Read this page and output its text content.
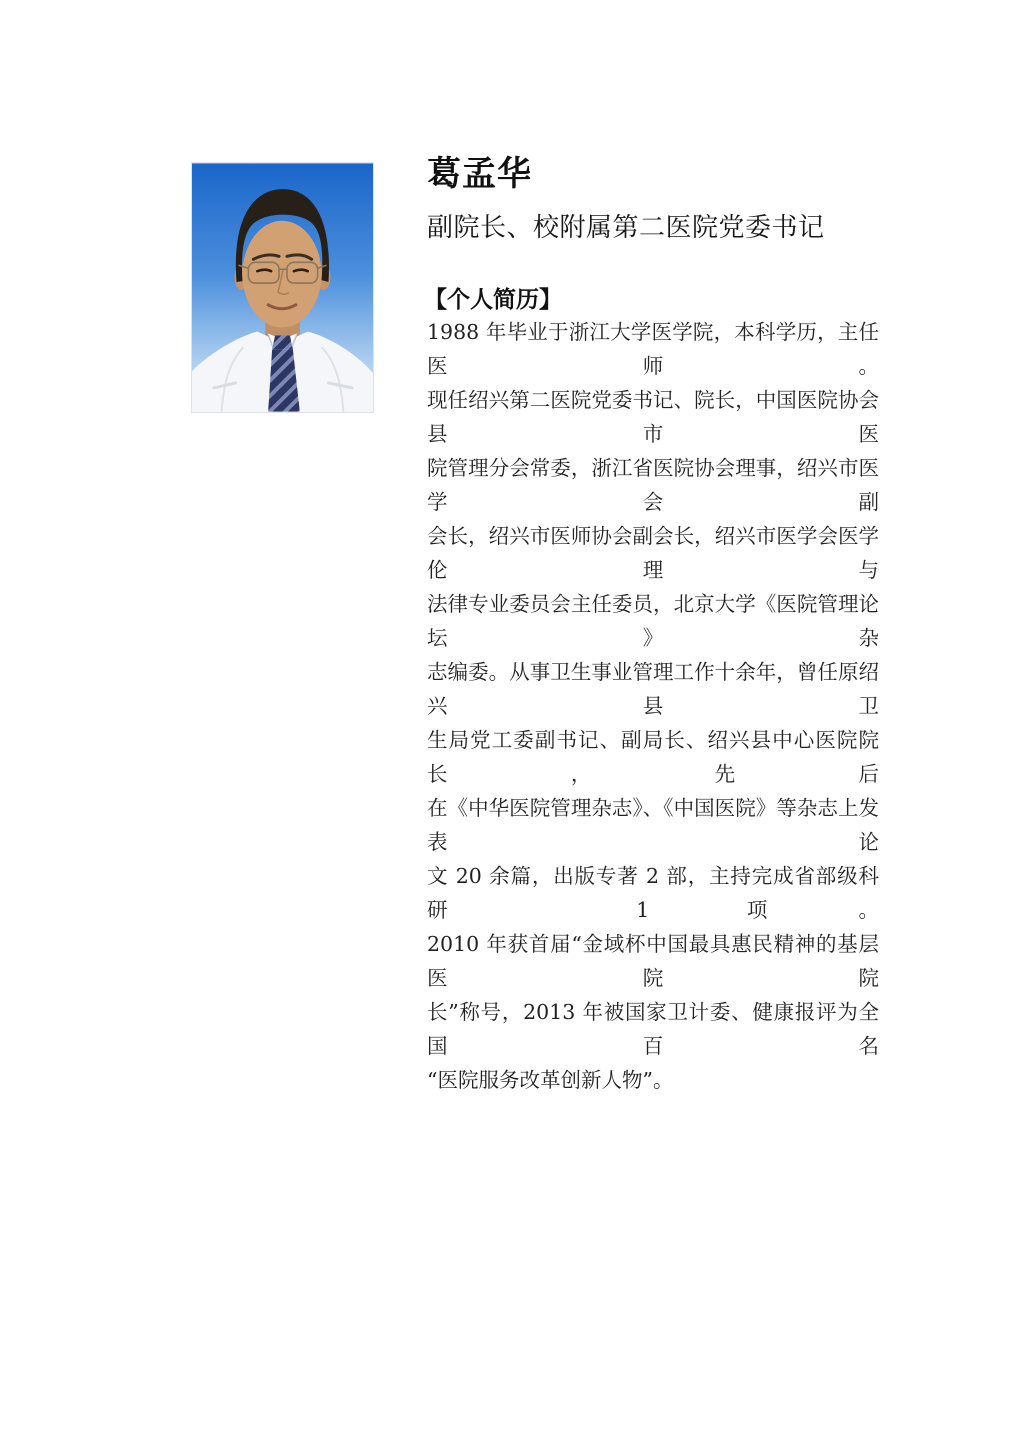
葛孟华
副院长、校附属第二医院党委书记
【个人简历】
1988 年毕业于浙江大学医学院，本科学历，主任医师。
现任绍兴第二医院党委书记、院长，中国医院协会县市医
院管理分会常委，浙江省医院协会理事，绍兴市医学会副
会长，绍兴市医师协会副会长，绍兴市医学会医学伦理与
法律专业委员会主任委员，北京大学《医院管理论坛》杂
志编委。从事卫生事业管理工作十余年，曾任原绍兴县卫
生局党工委副书记、副局长、绍兴县中心医院院长，先后
在《中华医院管理杂志》、《中国医院》等杂志上发表论
文 20 余篇，出版专著 2 部，主持完成省部级科研 1 项。
2010 年获首届“金域杯中国最具惠民精神的基层医院院
长”称号，2013 年被国家卫计委、健康报评为全国百名
“医院服务改革创新人物”。
